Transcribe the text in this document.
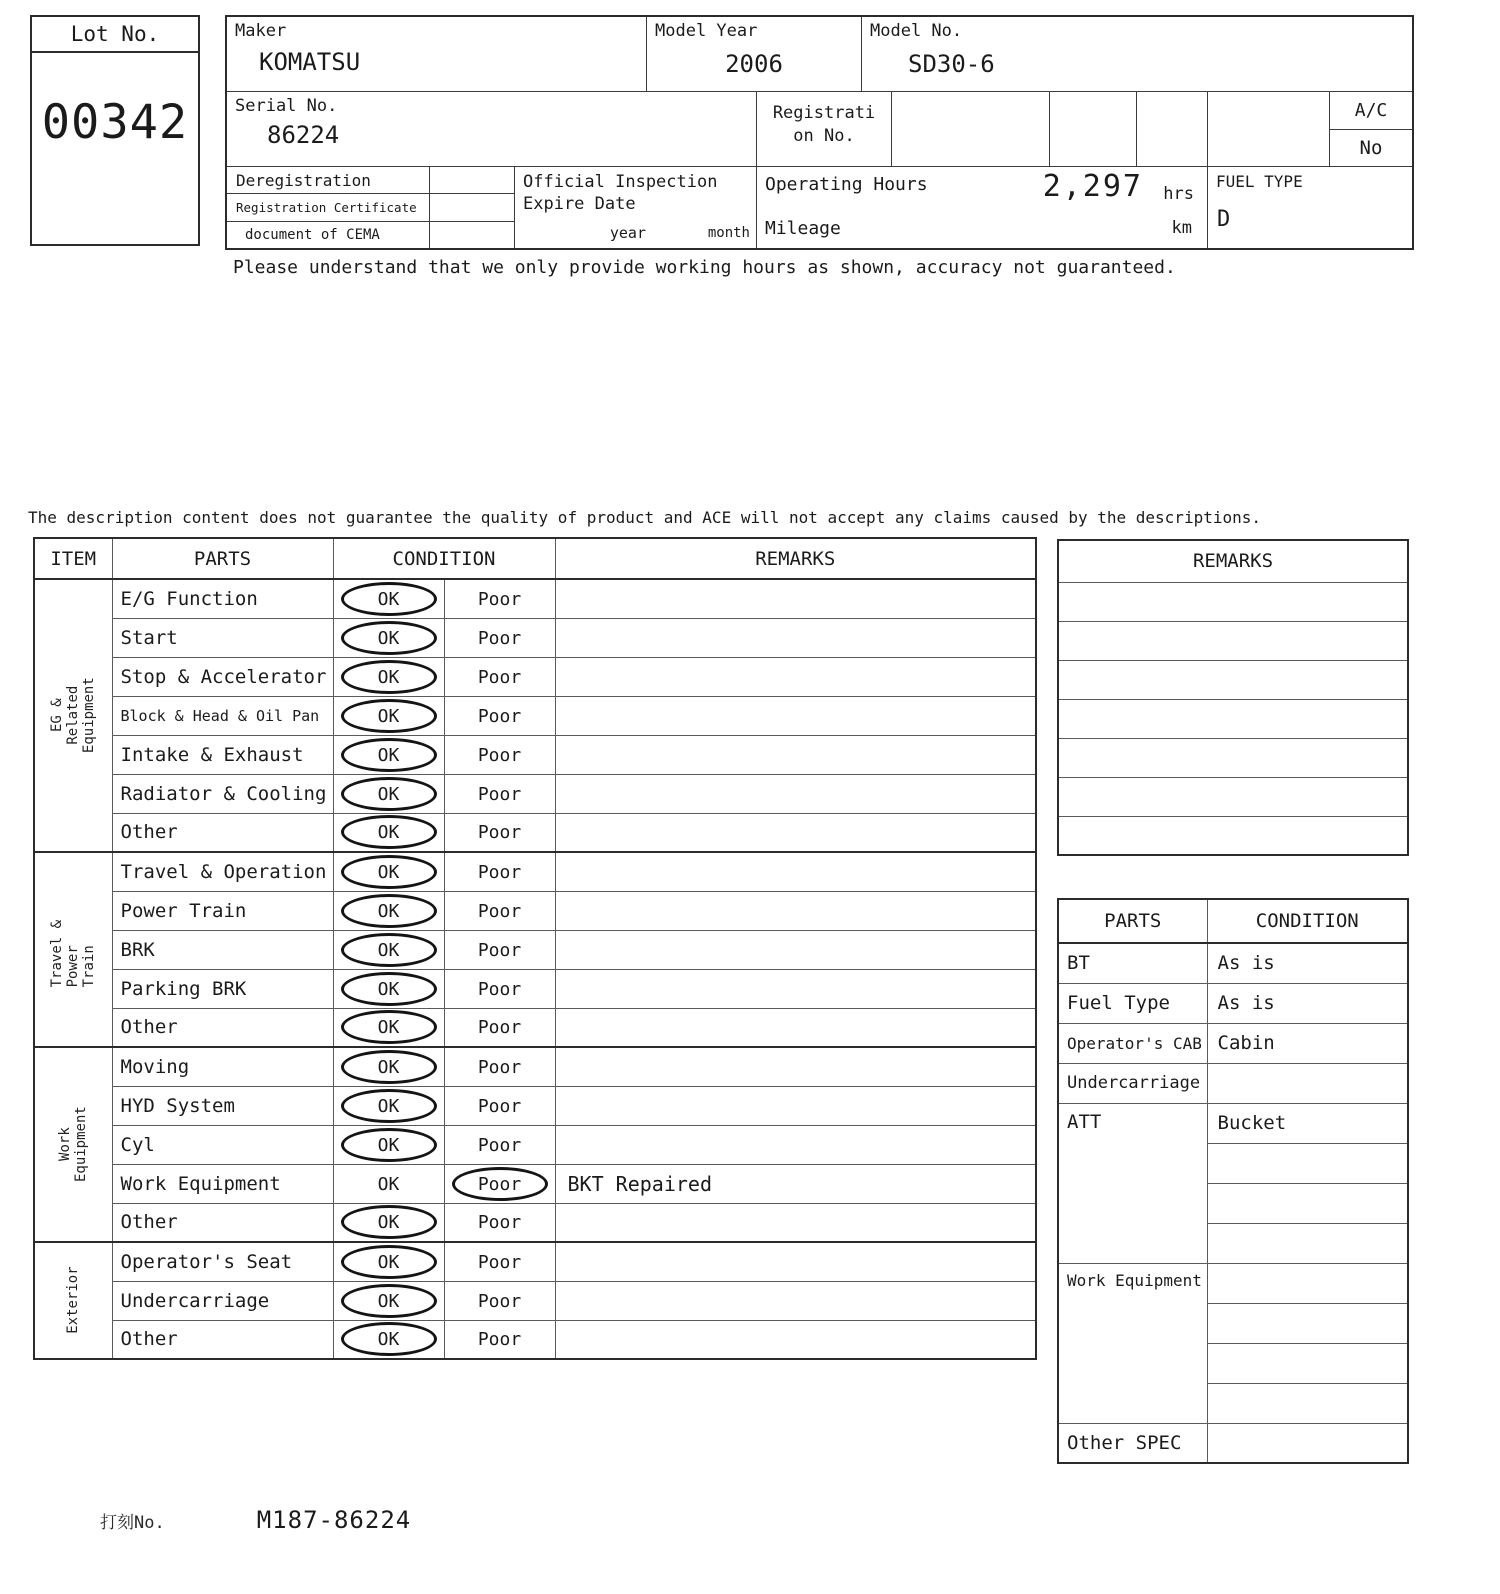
Lot No.
00342
Maker
KOMATSU
Model Year
2006
Model No.
SD30-6
Serial No.
86224
Registration No.
A/C
No
Deregistration
Registration Certificate
document of CEMA
Official Inspection Expire Date
year	month
Operating Hours	2,297 hrs
Mileage	km
FUEL TYPE
D
Please understand that we only provide working hours as shown, accuracy not guaranteed.
The description content does not guarantee the quality of product and ACE will not accept any claims caused by the descriptions.
ITEM	PARTS	CONDITION		REMARKS

EG & Related Equipment	E/G Function	OK	Poor	
	Start	OK	Poor	
	Stop & Accelerator	OK	Poor	
	Block & Head & Oil Pan	OK	Poor	
	Intake & Exhaust	OK	Poor	
	Radiator & Cooling	OK	Poor	
	Other	OK	Poor	

Travel & Power Train	Travel & Operation	OK	Poor	
	Power Train	OK	Poor	
	BRK	OK	Poor	
	Parking BRK	OK	Poor	
	Other	OK	Poor	

Work Equipment	Moving	OK	Poor	
	HYD System	OK	Poor	
	Cyl	OK	Poor	
	Work Equipment	OK	Poor	BKT Repaired
	Other	OK	Poor	

Exterior	Operator's Seat	OK	Poor	
	Undercarriage	OK	Poor	
	Other	OK	Poor	
REMARKS

PARTS	CONDITION
BT	As is
Fuel Type	As is
Operator's CAB	Cabin
Undercarriage	
ATT	Bucket

Work Equipment	

Other SPEC	
打刻No.	M187-86224
